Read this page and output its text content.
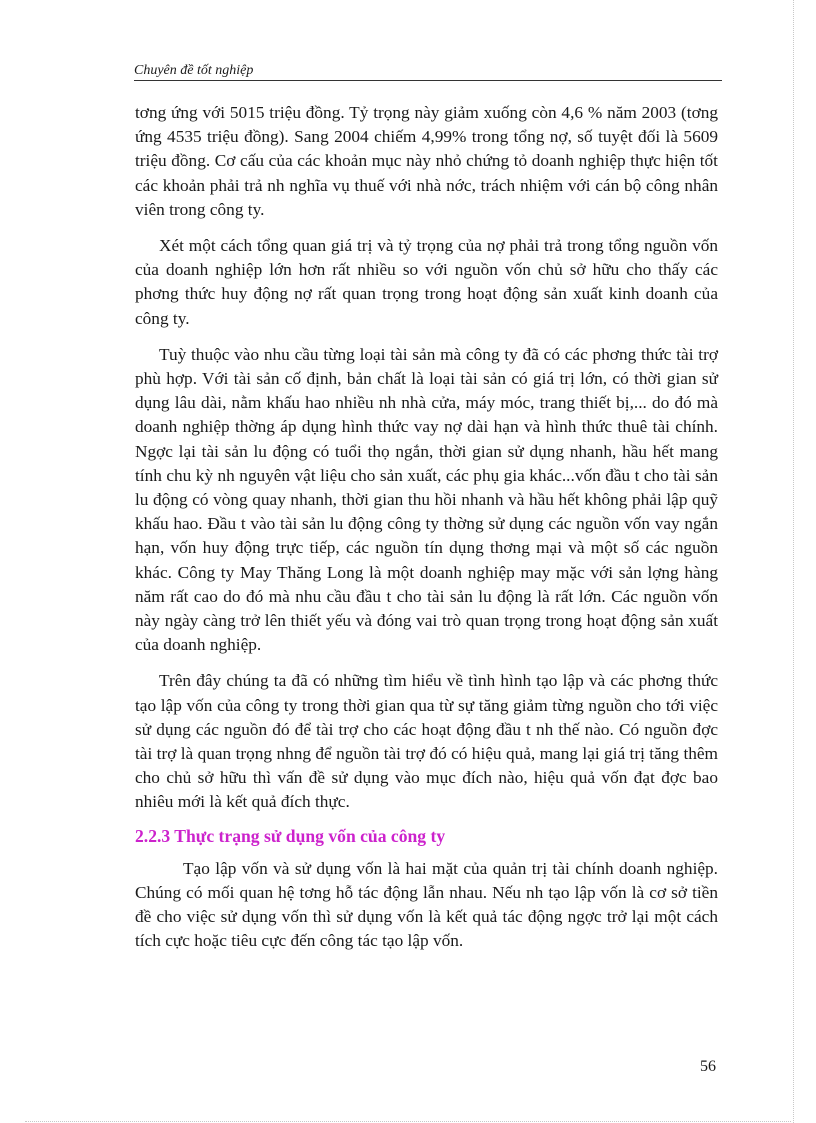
Chuyên đề tốt nghiệp

tơng ứng với 5015 triệu đồng. Tỷ trọng này giảm xuống còn 4,6 % năm 2003 (tơng ứng 4535 triệu đồng). Sang 2004 chiếm 4,99% trong tổng nợ, số tuyệt đối là 5609 triệu đồng. Cơ cấu của các khoản mục này nhỏ chứng tỏ doanh nghiệp thực hiện tốt các khoản phải trả nh nghĩa vụ thuế với nhà nớc, trách nhiệm với cán bộ công nhân viên trong công ty.

Xét một cách tổng quan giá trị và tỷ trọng của nợ phải trả trong tổng nguồn vốn của doanh nghiệp lớn hơn rất nhiều so với nguồn vốn chủ sở hữu cho thấy các phơng thức huy động nợ rất quan trọng trong hoạt động sản xuất kinh doanh của công ty.

Tuỳ thuộc vào nhu cầu từng loại tài sản mà công ty đã có các phơng thức tài trợ phù hợp. Với tài sản cố định, bản chất là loại tài sản có giá trị lớn, có thời gian sử dụng lâu dài, nằm khấu hao nhiều nh nhà cửa, máy móc, trang thiết bị,... do đó mà doanh nghiệp thờng áp dụng hình thức vay nợ dài hạn và hình thức thuê tài chính. Ngợc lại tài sản lu động có tuổi thọ ngắn, thời gian sử dụng nhanh, hầu hết mang tính chu kỳ nh nguyên vật liệu cho sản xuất, các phụ gia khác...vốn đầu t cho tài sản lu động có vòng quay nhanh, thời gian thu hồi nhanh và hầu hết không phải lập quỹ khấu hao. Đầu t vào tài sản lu động công ty thờng sử dụng các nguồn vốn vay ngắn hạn, vốn huy động trực tiếp, các nguồn tín dụng thơng mại và một số các nguồn khác. Công ty May Thăng Long là một doanh nghiệp may mặc với sản lợng hàng năm rất cao do đó mà nhu cầu đầu t cho tài sản lu động là rất lớn. Các nguồn vốn này ngày càng trở lên thiết yếu và đóng vai trò quan trọng trong hoạt động sản xuất của doanh nghiệp.

Trên đây chúng ta đã có những tìm hiểu về tình hình tạo lập và các phơng thức tạo lập vốn của công ty trong thời gian qua từ sự tăng giảm từng nguồn cho tới việc sử dụng các nguồn đó để tài trợ cho các hoạt động đầu t nh thế nào. Có nguồn đợc tài trợ là quan trọng nhng để nguồn tài trợ đó có hiệu quả, mang lại giá trị tăng thêm cho chủ sở hữu thì vấn đề sử dụng vào mục đích nào, hiệu quả vốn đạt đợc bao nhiêu mới là kết quả đích thực.

2.2.3 Thực trạng sử dụng vốn của công ty

Tạo lập vốn và sử dụng vốn là hai mặt của quản trị tài chính doanh nghiệp. Chúng có mối quan hệ tơng hỗ tác động lẫn nhau. Nếu nh tạo lập vốn là cơ sở tiền đề cho việc sử dụng vốn thì sử dụng vốn là kết quả tác động ngợc trở lại một cách tích cực hoặc tiêu cực đến công tác tạo lập vốn.

56
